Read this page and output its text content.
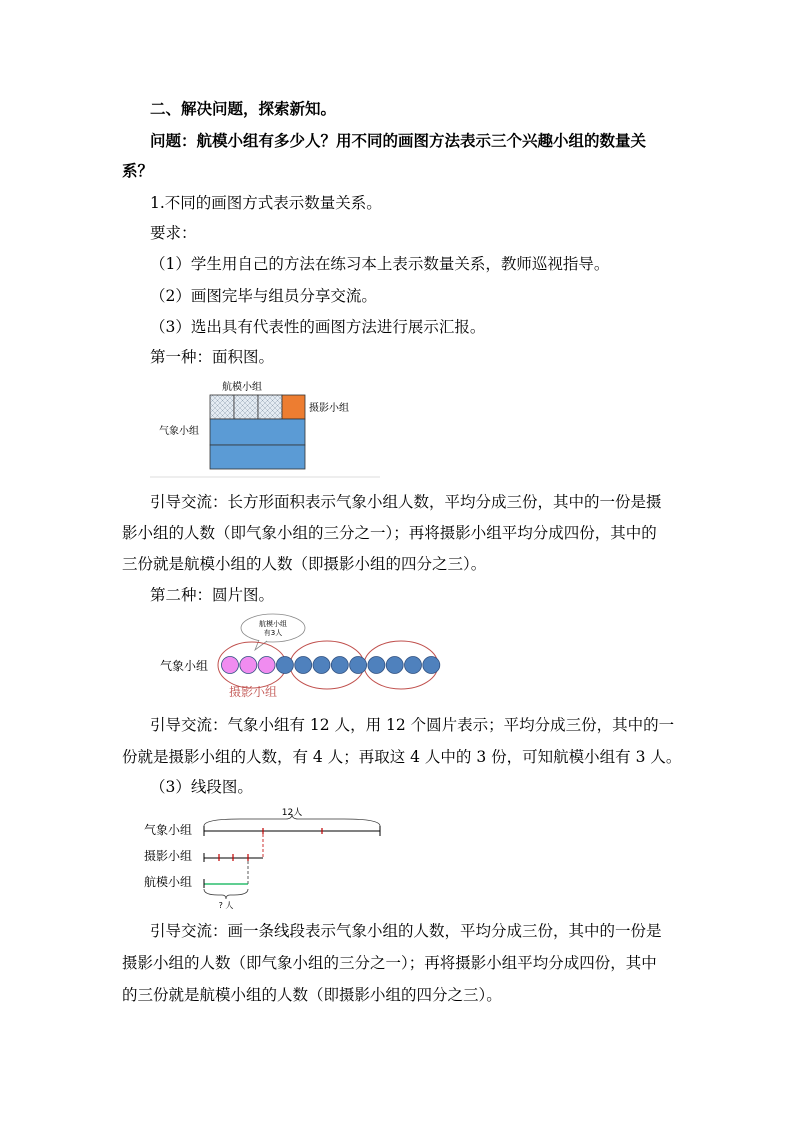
二、解决问题，探索新知。
问题：航模小组有多少人？用不同的画图方法表示三个兴趣小组的数量关
系？
1.不同的画图方式表示数量关系。
要求：
（1）学生用自己的方法在练习本上表示数量关系，教师巡视指导。
（2）画图完毕与组员分享交流。
（3）选出具有代表性的画图方法进行展示汇报。
第一种：面积图。
航模小组
摄影小组
气象小组
引导交流：长方形面积表示气象小组人数，平均分成三份，其中的一份是摄
影小组的人数（即气象小组的三分之一）；再将摄影小组平均分成四份，其中的
三份就是航模小组的人数（即摄影小组的四分之三）。
第二种：圆片图。
航模小组
有3人
气象小组
摄影小组
引导交流：气象小组有 12 人，用 12 个圆片表示；平均分成三份，其中的一
份就是摄影小组的人数，有 4 人；再取这 4 人中的 3 份，可知航模小组有 3 人。
（3）线段图。
12人
气象小组
摄影小组
航模小组
? 人
引导交流：画一条线段表示气象小组的人数，平均分成三份，其中的一份是
摄影小组的人数（即气象小组的三分之一）；再将摄影小组平均分成四份，其中
的三份就是航模小组的人数（即摄影小组的四分之三）。
